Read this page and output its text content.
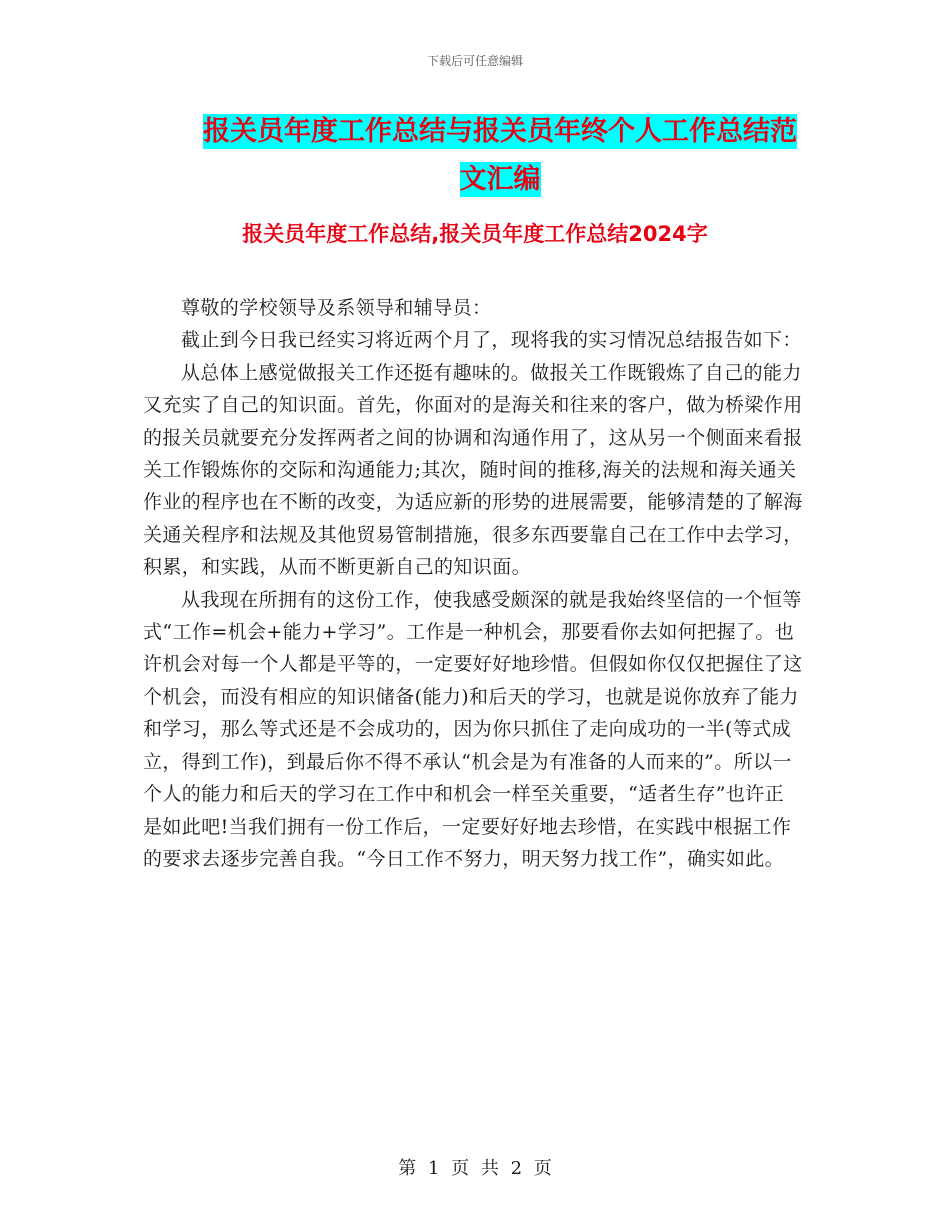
下载后可任意编辑
报关员年度工作总结与报关员年终个人工作总结范文汇编
报关员年度工作总结,报关员年度工作总结2024字

尊敬的学校领导及系领导和辅导员：

截止到今日我已经实习将近两个月了，现将我的实习情况总结报告如下：

从总体上感觉做报关工作还挺有趣味的。做报关工作既锻炼了自己的能力又充实了自己的知识面。首先，你面对的是海关和往来的客户，做为桥梁作用的报关员就要充分发挥两者之间的协调和沟通作用了，这从另一个侧面来看报关工作锻炼你的交际和沟通能力;其次，随时间的推移,海关的法规和海关通关作业的程序也在不断的改变，为适应新的形势的进展需要，能够清楚的了解海关通关程序和法规及其他贸易管制措施，很多东西要靠自己在工作中去学习，积累，和实践，从而不断更新自己的知识面。

从我现在所拥有的这份工作，使我感受颇深的就是我始终坚信的一个恒等式“工作=机会+能力+学习”。工作是一种机会，那要看你去如何把握了。也许机会对每一个人都是平等的，一定要好好地珍惜。但假如你仅仅把握住了这个机会，而没有相应的知识储备(能力)和后天的学习，也就是说你放弃了能力和学习，那么等式还是不会成功的，因为你只抓住了走向成功的一半(等式成立，得到工作)，到最后你不得不承认“机会是为有准备的人而来的”。所以一个人的能力和后天的学习在工作中和机会一样至关重要，“适者生存”也许正是如此吧!当我们拥有一份工作后，一定要好好地去珍惜，在实践中根据工作的要求去逐步完善自我。“今日工作不努力，明天努力找工作”，确实如此。

第 1 页 共 2 页
